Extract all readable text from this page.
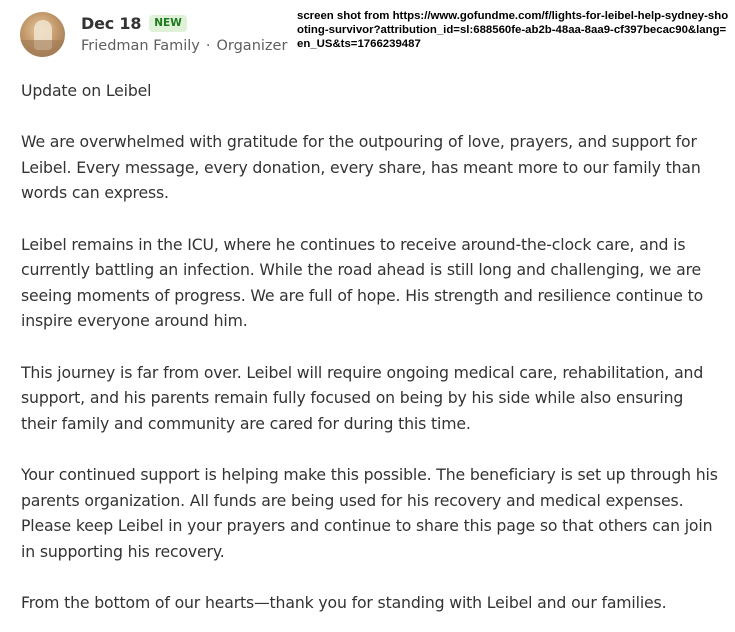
Dec 18	NEW
Friedman Family · Organizer
screen shot from https://www.gofundme.com/f/lights-for-leibel-help-sydney-shooting-survivor?attribution_id=sl:688560fe-ab2b-48aa-8aa9-cf397becac90&lang=en_US&ts=1766239487

Update on Leibel

We are overwhelmed with gratitude for the outpouring of love, prayers, and support for Leibel. Every message, every donation, every share, has meant more to our family than words can express.

Leibel remains in the ICU, where he continues to receive around-the-clock care, and is currently battling an infection. While the road ahead is still long and challenging, we are seeing moments of progress. We are full of hope. His strength and resilience continue to inspire everyone around him.

This journey is far from over. Leibel will require ongoing medical care, rehabilitation, and support, and his parents remain fully focused on being by his side while also ensuring their family and community are cared for during this time.

Your continued support is helping make this possible. The beneficiary is set up through his parents organization. All funds are being used for his recovery and medical expenses. Please keep Leibel in your prayers and continue to share this page so that others can join in supporting his recovery.

From the bottom of our hearts—thank you for standing with Leibel and our families.
